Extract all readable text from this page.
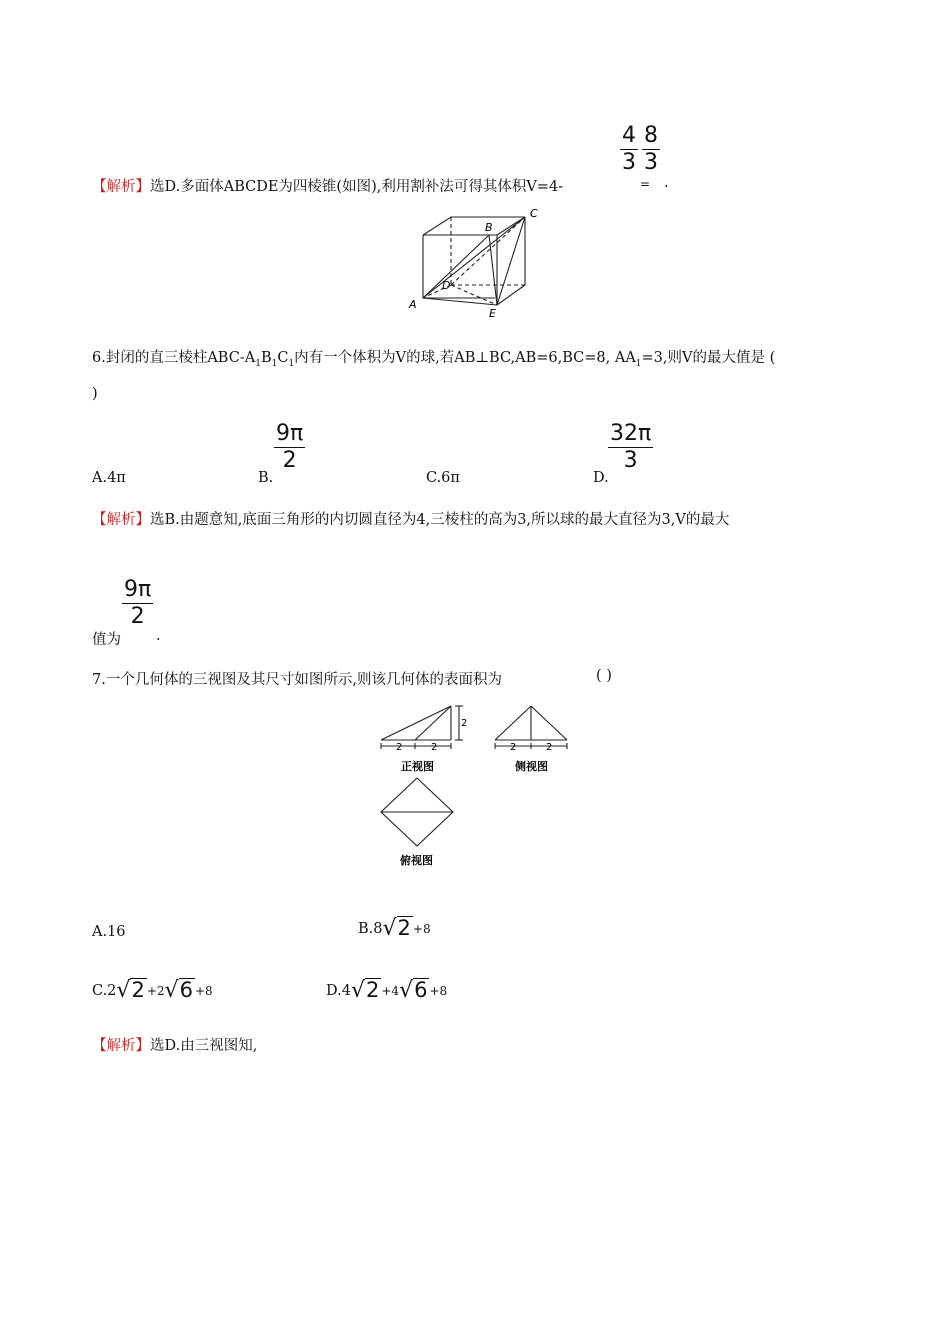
【解析】选D.多面体ABCDE为四棱锥(如图),利用割补法可得其体积V=4-
4
3
=
8
3
.
A
B
C
D
E
6.封闭的直三棱柱ABC-$A_1B_1C_1$内有一个体积为V的球,若AB⊥BC,AB=6,BC=8, $AA_1=3$,则V的最大值是 (
)
A.4π	B.
9π
2
C.6π	D.
32π
3
【解析】选B.由题意知,底面三角形的内切圆直径为4,三棱柱的高为3,所以球的最大直径为3,V的最大
9π
2
值为 .
7.一个几何体的三视图及其尺寸如图所示,则该几何体的表面积为	( )
2	2
2
2	2
正视图	侧视图
俯视图
A.16	B.8√2 +8
C.2√2 +2√6 +8	D.4√2 +4√6 +8
【解析】选D.由三视图知,
